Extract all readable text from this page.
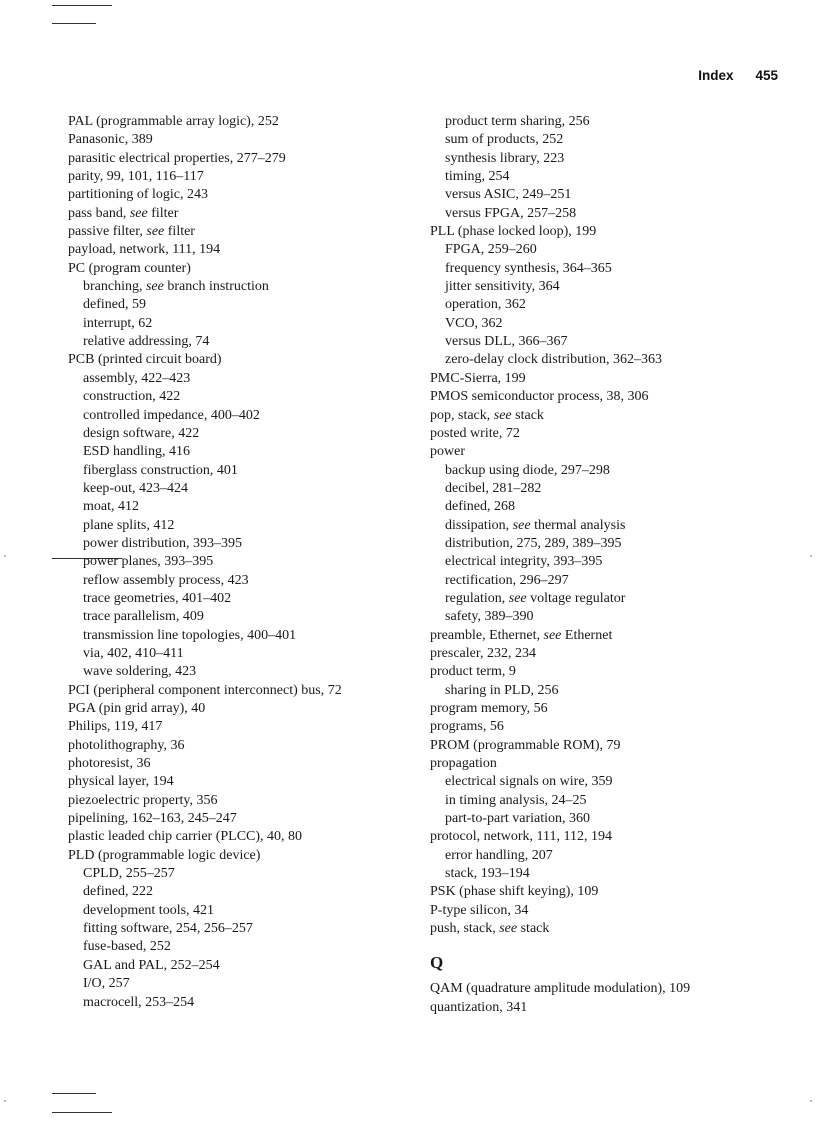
Index 455
PAL (programmable array logic), 252
Panasonic, 389
parasitic electrical properties, 277–279
parity, 99, 101, 116–117
partitioning of logic, 243
pass band, see filter
passive filter, see filter
payload, network, 111, 194
PC (program counter)
branching, see branch instruction
defined, 59
interrupt, 62
relative addressing, 74
PCB (printed circuit board)
assembly, 422–423
construction, 422
controlled impedance, 400–402
design software, 422
ESD handling, 416
fiberglass construction, 401
keep-out, 423–424
moat, 412
plane splits, 412
power distribution, 393–395
power planes, 393–395
reflow assembly process, 423
trace geometries, 401–402
trace parallelism, 409
transmission line topologies, 400–401
via, 402, 410–411
wave soldering, 423
PCI (peripheral component interconnect) bus, 72
PGA (pin grid array), 40
Philips, 119, 417
photolithography, 36
photoresist, 36
physical layer, 194
piezoelectric property, 356
pipelining, 162–163, 245–247
plastic leaded chip carrier (PLCC), 40, 80
PLD (programmable logic device)
CPLD, 255–257
defined, 222
development tools, 421
fitting software, 254, 256–257
fuse-based, 252
GAL and PAL, 252–254
I/O, 257
macrocell, 253–254
product term sharing, 256
sum of products, 252
synthesis library, 223
timing, 254
versus ASIC, 249–251
versus FPGA, 257–258
PLL (phase locked loop), 199
FPGA, 259–260
frequency synthesis, 364–365
jitter sensitivity, 364
operation, 362
VCO, 362
versus DLL, 366–367
zero-delay clock distribution, 362–363
PMC-Sierra, 199
PMOS semiconductor process, 38, 306
pop, stack, see stack
posted write, 72
power
backup using diode, 297–298
decibel, 281–282
defined, 268
dissipation, see thermal analysis
distribution, 275, 289, 389–395
electrical integrity, 393–395
rectification, 296–297
regulation, see voltage regulator
safety, 389–390
preamble, Ethernet, see Ethernet
prescaler, 232, 234
product term, 9
sharing in PLD, 256
program memory, 56
programs, 56
PROM (programmable ROM), 79
propagation
electrical signals on wire, 359
in timing analysis, 24–25
part-to-part variation, 360
protocol, network, 111, 112, 194
error handling, 207
stack, 193–194
PSK (phase shift keying), 109
P-type silicon, 34
push, stack, see stack
Q
QAM (quadrature amplitude modulation), 109
quantization, 341
